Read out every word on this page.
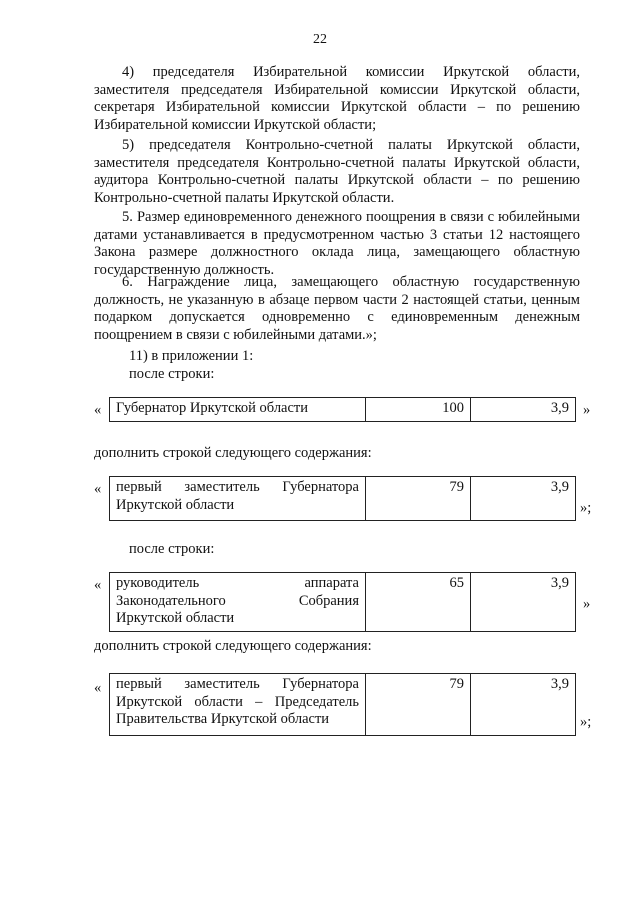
22

4) председателя Избирательной комиссии Иркутской области, заместителя председателя Избирательной комиссии Иркутской области, секретаря Избирательной комиссии Иркутской области – по решению Избирательной комиссии Иркутской области;

5) председателя Контрольно-счетной палаты Иркутской области, заместителя председателя Контрольно-счетной палаты Иркутской области, аудитора Контрольно-счетной палаты Иркутской области – по решению Контрольно-счетной палаты Иркутской области.

5. Размер единовременного денежного поощрения в связи с юбилейными датами устанавливается в предусмотренном частью 3 статьи 12 настоящего Закона размере должностного оклада лица, замещающего областную государственную должность.

6. Награждение лица, замещающего областную государственную должность, не указанную в абзаце первом части 2 настоящей статьи, ценным подарком допускается одновременно с единовременным денежным поощрением в связи с юбилейными датами.»;

11) в приложении 1:

после строки:

« Губернатор Иркутской области	100	3,9 »

дополнить строкой следующего содержания:

« первый заместитель Губернатора Иркутской области	79	3,9
»;

после строки:

« руководитель аппарата Законодательного Собрания Иркутской области	65	3,9
»

дополнить строкой следующего содержания:

« первый заместитель Губернатора Иркутской области – Председатель Правительства Иркутской области	79	3,9
»;
